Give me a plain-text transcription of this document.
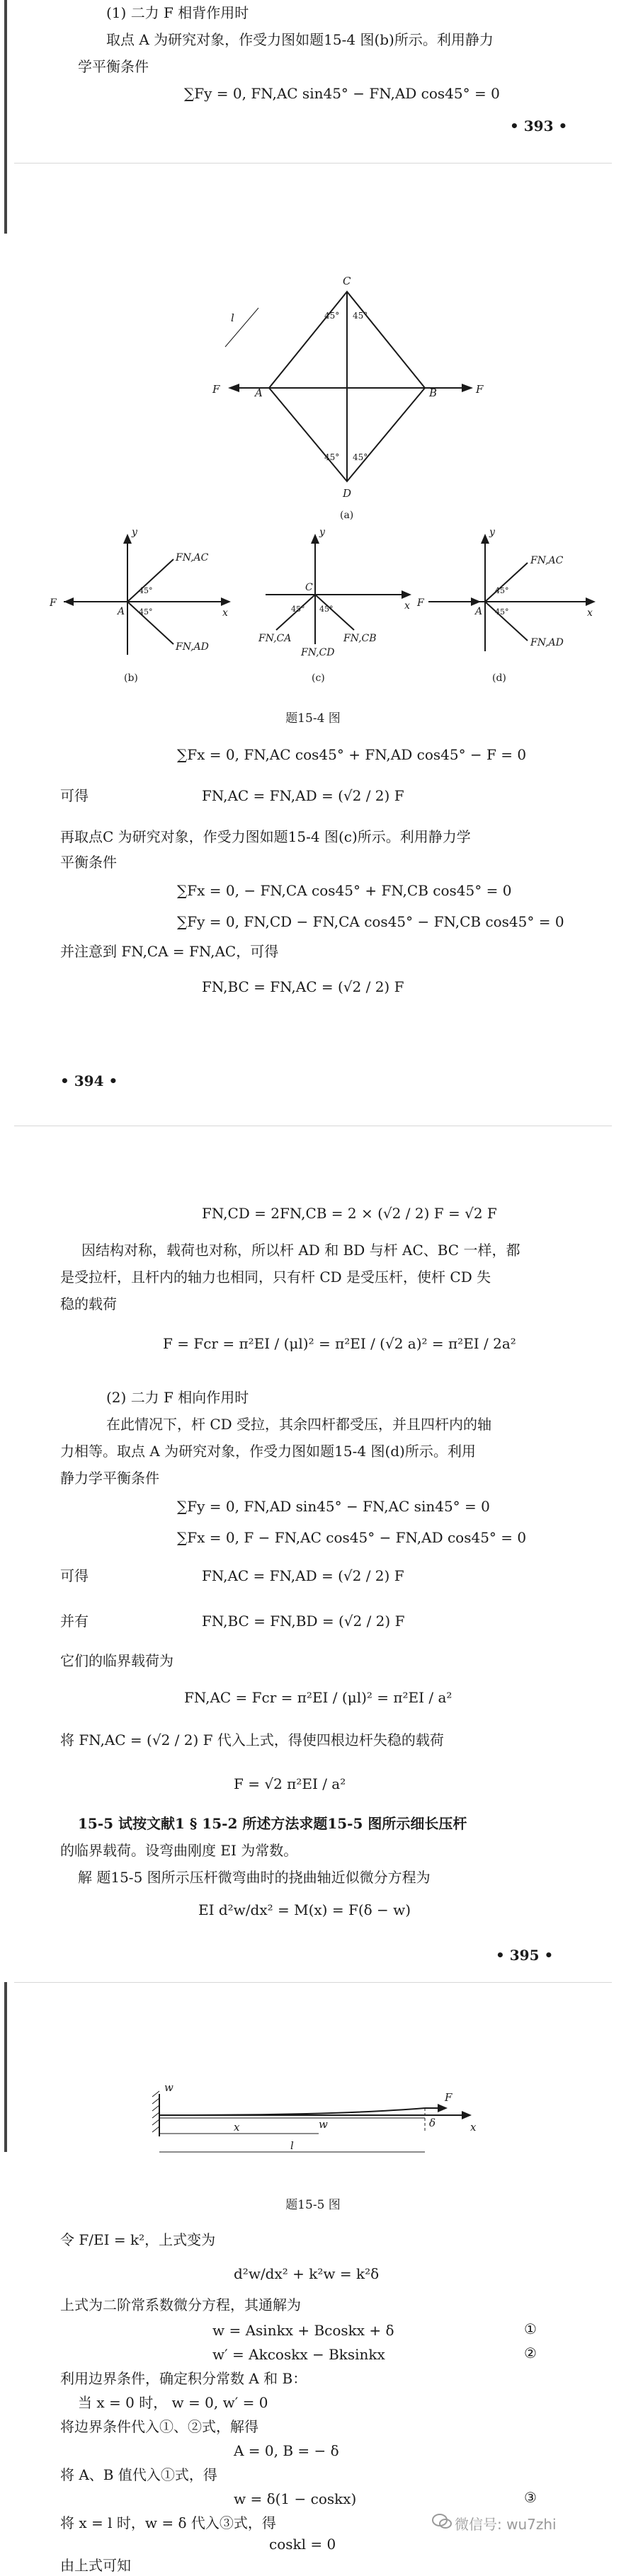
(1) 二力 F 相背作用时
取点 A 为研究对象，作受力图如题15-4 图(b)所示。利用静力
学平衡条件
∑Fy = 0, FN,AC sin45° − FN,AD cos45° = 0
• 393 •
C
A	B
D
F	F
l	45° 45°
45° 45°
(a)
y
F
x
A
FN,AC
FN,AD
45°
45°
(b)
y
x
C
FN,CA	FN,CB
FN,CD
45° 45°
(c)
y
F
x
A
FN,AC
FN,AD
45°
45°
(d)
题15-4 图
∑Fx = 0, FN,AC cos45° + FN,AD cos45° − F = 0
可得	FN,AC = FN,AD = (√2 / 2) F
再取点C 为研究对象，作受力图如题15-4 图(c)所示。利用静力学
平衡条件
∑Fx = 0, − FN,CA cos45° + FN,CB cos45° = 0
∑Fy = 0, FN,CD − FN,CA cos45° − FN,CB cos45° = 0
并注意到 FN,CA = FN,AC，可得
FN,BC = FN,AC = (√2 / 2) F
• 394 •
FN,CD = 2FN,CB = 2 × (√2 / 2) F = √2 F
因结构对称，载荷也对称，所以杆 AD 和 BD 与杆 AC、BC 一样，都
是受拉杆，且杆内的轴力也相同，只有杆 CD 是受压杆，使杆 CD 失
稳的载荷
F = Fcr = π²EI / (μl)² = π²EI / (√2 a)² = π²EI / 2a²
(2) 二力 F 相向作用时
在此情况下，杆 CD 受拉，其余四杆都受压，并且四杆内的轴
力相等。取点 A 为研究对象，作受力图如题15-4 图(d)所示。利用
静力学平衡条件
∑Fy = 0, FN,AD sin45° − FN,AC sin45° = 0
∑Fx = 0, F − FN,AC cos45° − FN,AD cos45° = 0
可得	FN,AC = FN,AD = (√2 / 2) F
并有	FN,BC = FN,BD = (√2 / 2) F
它们的临界载荷为
FN,AC = Fcr = π²EI / (μl)² = π²EI / a²
将 FN,AC = (√2 / 2) F 代入上式，得使四根边杆失稳的载荷
F = √2 π²EI / a²
15-5 试按文献1 § 15-2 所述方法求题15-5 图所示细长压杆
的临界载荷。设弯曲刚度 EI 为常数。
解 题15-5 图所示压杆微弯曲时的挠曲轴近似微分方程为
EI d²w/dx² = M(x) = F(δ − w)
• 395 •
w
F
x
w	δ
x
l
题15-5 图
令 F/EI = k²，上式变为
d²w/dx² + k²w = k²δ
上式为二阶常系数微分方程，其通解为
w = Asinkx + Bcoskx + δ	①
w′ = Akcoskx − Bksinkx	②
利用边界条件，确定积分常数 A 和 B：
当 x = 0 时， w = 0, w′ = 0
将边界条件代入①、②式，解得
A = 0, B = − δ
将 A、B 值代入①式，得
w = δ(1 − coskx)	③
将 x = l 时，w = δ 代入③式，得
coskl = 0
由上式可知
微信号: wu7zhi
